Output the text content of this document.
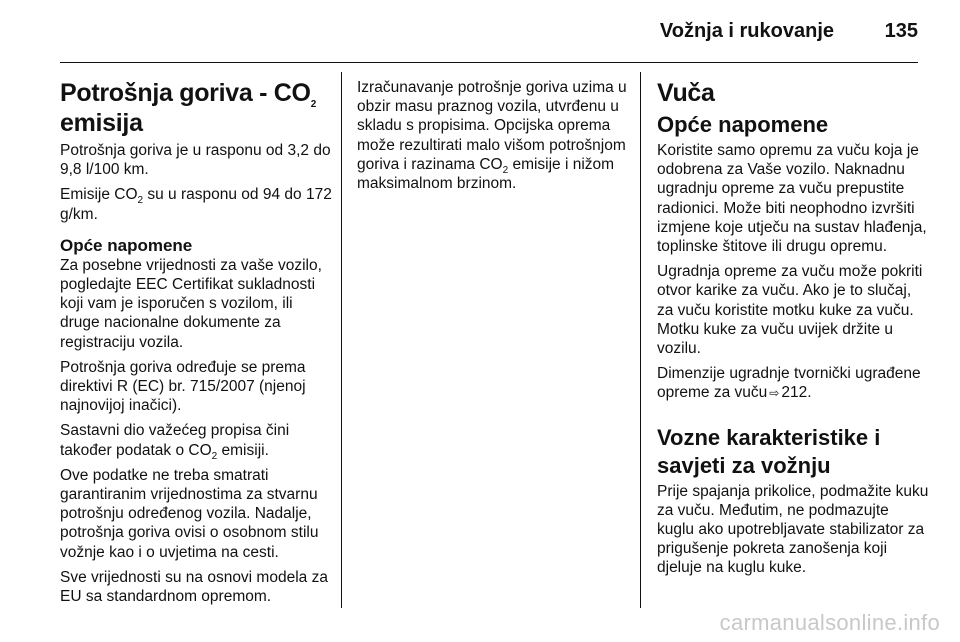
Vožnja i rukovanje	135
Potrošnja goriva - $CO_2$
emisija

Potrošnja goriva je u rasponu od 3,2 do 9,8 l/100 km.

Emisije $CO_2$ su u rasponu od 94 do 172 g/km.

Opće napomene

Za posebne vrijednosti za vaše vozilo, pogledajte EEC Certifikat sukladnosti koji vam je isporučen s vozilom, ili druge nacionalne dokumente za registraciju vozila.

Potrošnja goriva određuje se prema direktivi R (EC) br. 715/2007 (njenoj najnovijoj inačici).

Sastavni dio važećeg propisa čini također podatak o $CO_2$ emisiji.

Ove podatke ne treba smatrati garantiranim vrijednostima za stvarnu potrošnju određenog vozila. Nadalje, potrošnja goriva ovisi o osobnom stilu vožnje kao i o uvjetima na cesti.

Sve vrijednosti su na osnovi modela za EU sa standardnom opremom.

Izračunavanje potrošnje goriva uzima u obzir masu praznog vozila, utvrđenu u skladu s propisima. Opcijska oprema može rezultirati malo višom potrošnjom goriva i razinama $CO_2$ emisije i nižom maksimalnom brzinom.

Vuča
Opće napomene

Koristite samo opremu za vuču koja je odobrena za Vaše vozilo. Naknadnu ugradnju opreme za vuču prepustite radionici. Može biti neophodno izvršiti izmjene koje utječu na sustav hlađenja, toplinske štitove ili drugu opremu.

Ugradnja opreme za vuču može pokriti otvor karike za vuču. Ako je to slučaj, za vuču koristite motku kuke za vuču. Motku kuke za vuču uvijek držite u vozilu.

Dimenzije ugradnje tvornički ugrađene opreme za vuču ⇨ 212.

Vozne karakteristike i savjeti za vožnju

Prije spajanja prikolice, podmažite kuku za vuču. Međutim, ne podmazujte kuglu ako upotrebljavate stabilizator za prigušenje pokreta zanošenja koji djeluje na kuglu kuke.

carmanualsonline.info
